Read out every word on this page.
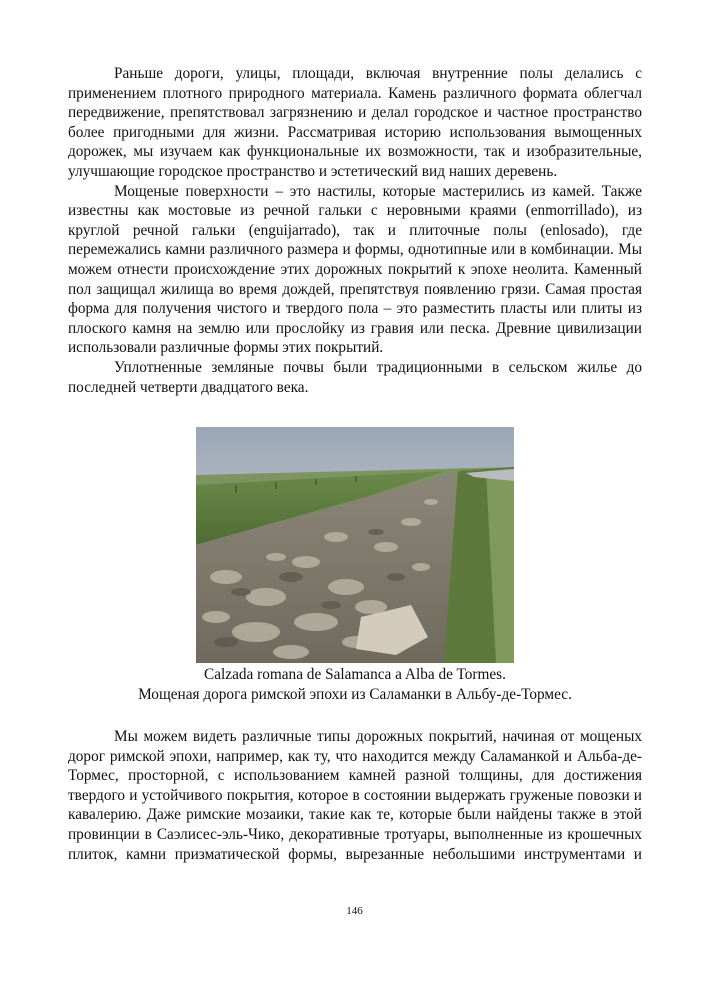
Раньше дороги, улицы, площади, включая внутренние полы делались с применением плотного природного материала. Камень различного формата облегчал передвижение, препятствовал загрязнению и делал городское и частное пространство более пригодными для жизни. Рассматривая историю использования вымощенных дорожек, мы изучаем как функциональные их возможности, так и изобразительные, улучшающие городское пространство и эстетический вид наших деревень.

Мощеные поверхности – это настилы, которые мастерились из камей. Также известны как мостовые из речной гальки с неровными краями (enmorrillado), из круглой речной гальки (enguijarrado), так и плиточные полы (enlosado), где перемежались камни различного размера и формы, однотипные или в комбинации. Мы можем отнести происхождение этих дорожных покрытий к эпохе неолита. Каменный пол защищал жилища во время дождей, препятствуя появлению грязи. Самая простая форма для получения чистого и твердого пола – это разместить пласты или плиты из плоского камня на землю или прослойку из гравия или песка. Древние цивилизации использовали различные формы этих покрытий.

Уплотненные земляные почвы были традиционными в сельском жилье до последней четверти двадцатого века.

Calzada romana de Salamanca a Alba de Tormes.

Мощеная дорога римской эпохи из Саламанки в Альбу-де-Тормес.

Мы можем видеть различные типы дорожных покрытий, начиная от мощеных дорог римской эпохи, например, как ту, что находится между Саламанкой и Альба-де-Тормес, просторной, с использованием камней разной толщины, для достижения твердого и устойчивого покрытия, которое в состоянии выдержать груженые повозки и кавалерию. Даже римские мозаики, такие как те, которые были найдены также в этой провинции в Саэлисес-эль-Чико, декоративные тротуары, выполненные из крошечных плиток, камни призматической формы, вырезанные небольшими инструментами и

146
